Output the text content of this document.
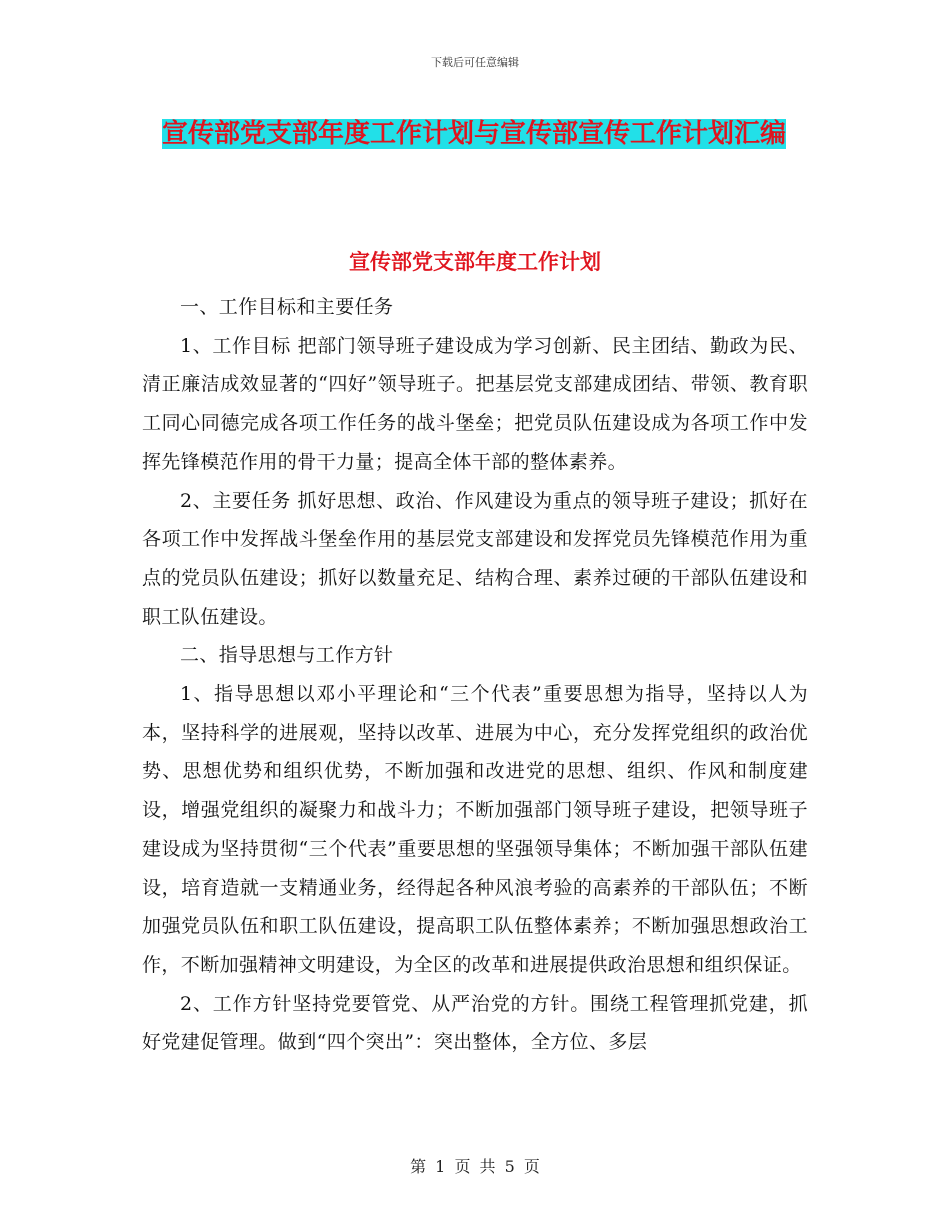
下载后可任意编辑
宣传部党支部年度工作计划与宣传部宣传工作计划汇编
宣传部党支部年度工作计划

一、工作目标和主要任务

1、工作目标 把部门领导班子建设成为学习创新、民主团结、勤政为民、清正廉洁成效显著的“四好”领导班子。把基层党支部建成团结、带领、教育职工同心同德完成各项工作任务的战斗堡垒；把党员队伍建设成为各项工作中发挥先锋模范作用的骨干力量；提高全体干部的整体素养。

2、主要任务 抓好思想、政治、作风建设为重点的领导班子建设；抓好在各项工作中发挥战斗堡垒作用的基层党支部建设和发挥党员先锋模范作用为重点的党员队伍建设；抓好以数量充足、结构合理、素养过硬的干部队伍建设和职工队伍建设。

二、指导思想与工作方针

1、指导思想以邓小平理论和“三个代表”重要思想为指导，坚持以人为本，坚持科学的进展观，坚持以改革、进展为中心，充分发挥党组织的政治优势、思想优势和组织优势，不断加强和改进党的思想、组织、作风和制度建设，增强党组织的凝聚力和战斗力；不断加强部门领导班子建设，把领导班子建设成为坚持贯彻“三个代表”重要思想的坚强领导集体；不断加强干部队伍建设，培育造就一支精通业务，经得起各种风浪考验的高素养的干部队伍；不断加强党员队伍和职工队伍建设，提高职工队伍整体素养；不断加强思想政治工作，不断加强精神文明建设，为全区的改革和进展提供政治思想和组织保证。

2、工作方针坚持党要管党、从严治党的方针。围绕工程管理抓党建，抓好党建促管理。做到“四个突出”：突出整体，全方位、多层

第 1 页 共 5 页
